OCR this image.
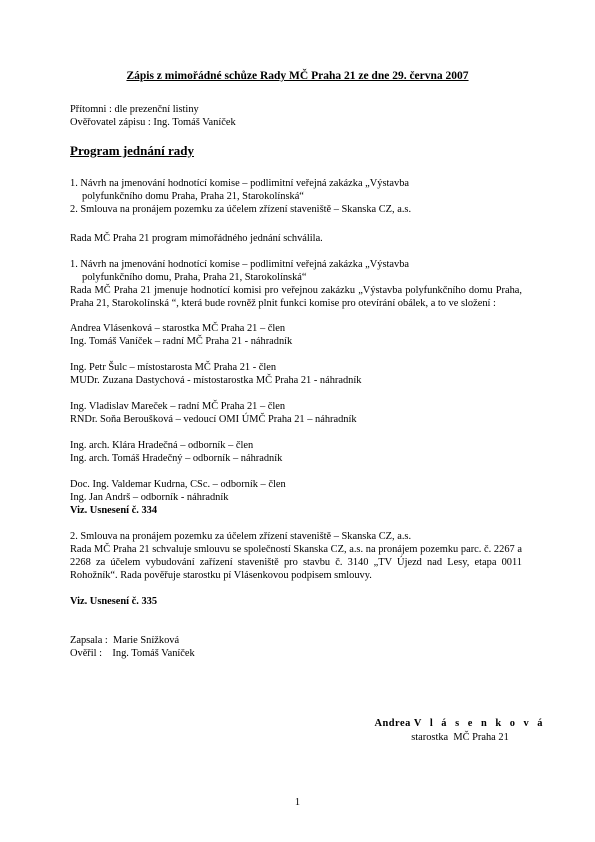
Zápis z mimořádné schůze Rady MČ Praha 21 ze dne 29. června 2007
Přítomni : dle prezenční listiny
Ověřovatel zápisu : Ing. Tomáš Vaníček
Program jednání rady
1. Návrh na jmenování hodnotící komise – podlimitní veřejná zakázka „Výstavba
polyfunkčního domu Praha, Praha 21, Starokolínská“
2. Smlouva na pronájem pozemku za účelem zřízení staveniště – Skanska CZ, a.s.
Rada MČ Praha 21 program mimořádného jednání schválila.
1. Návrh na jmenování hodnotící komise – podlimitní veřejná zakázka „Výstavba
polyfunkčního domu, Praha, Praha 21, Starokolínská“
Rada MČ Praha 21 jmenuje hodnotící komisi pro veřejnou zakázku „Výstavba polyfunkčního domu Praha, Praha 21, Starokolínská “, která bude rovněž plnit funkci komise pro otevírání obálek, a to ve složení :
Andrea Vlásenková – starostka MČ Praha 21 – člen
Ing. Tomáš Vaníček – radní MČ Praha 21 - náhradník
Ing. Petr Šulc – místostarosta MČ Praha 21 - člen
MUDr. Zuzana Dastychová - místostarostka MČ Praha 21 - náhradník
Ing. Vladislav Mareček – radní MČ Praha 21 – člen
RNDr. Soňa Beroušková – vedoucí OMI ÚMČ Praha 21 – náhradník
Ing. arch. Klára Hradečná – odborník – člen
Ing. arch. Tomáš Hradečný – odborník – náhradník
Doc. Ing. Valdemar Kudrna, CSc. – odborník – člen
Ing. Jan Andrš – odborník - náhradník
Viz. Usnesení č. 334
2. Smlouva na pronájem pozemku za účelem zřízení staveniště – Skanska CZ, a.s.
Rada MČ Praha 21 schvaluje smlouvu se společností Skanska CZ, a.s. na pronájem pozemku parc. č. 2267 a 2268 za účelem vybudování zařízení staveniště pro stavbu č. 3140 „TV Újezd nad Lesy, etapa 0011 Rohožník“. Rada pověřuje starostku pí Vlásenkovou podpisem smlouvy.
Viz. Usnesení č. 335
Zapsala :  Marie Snížková
Ověřil :    Ing. Tomáš Vaníček
Andrea V l á s e n k o v á
starostka  MČ Praha 21
1
